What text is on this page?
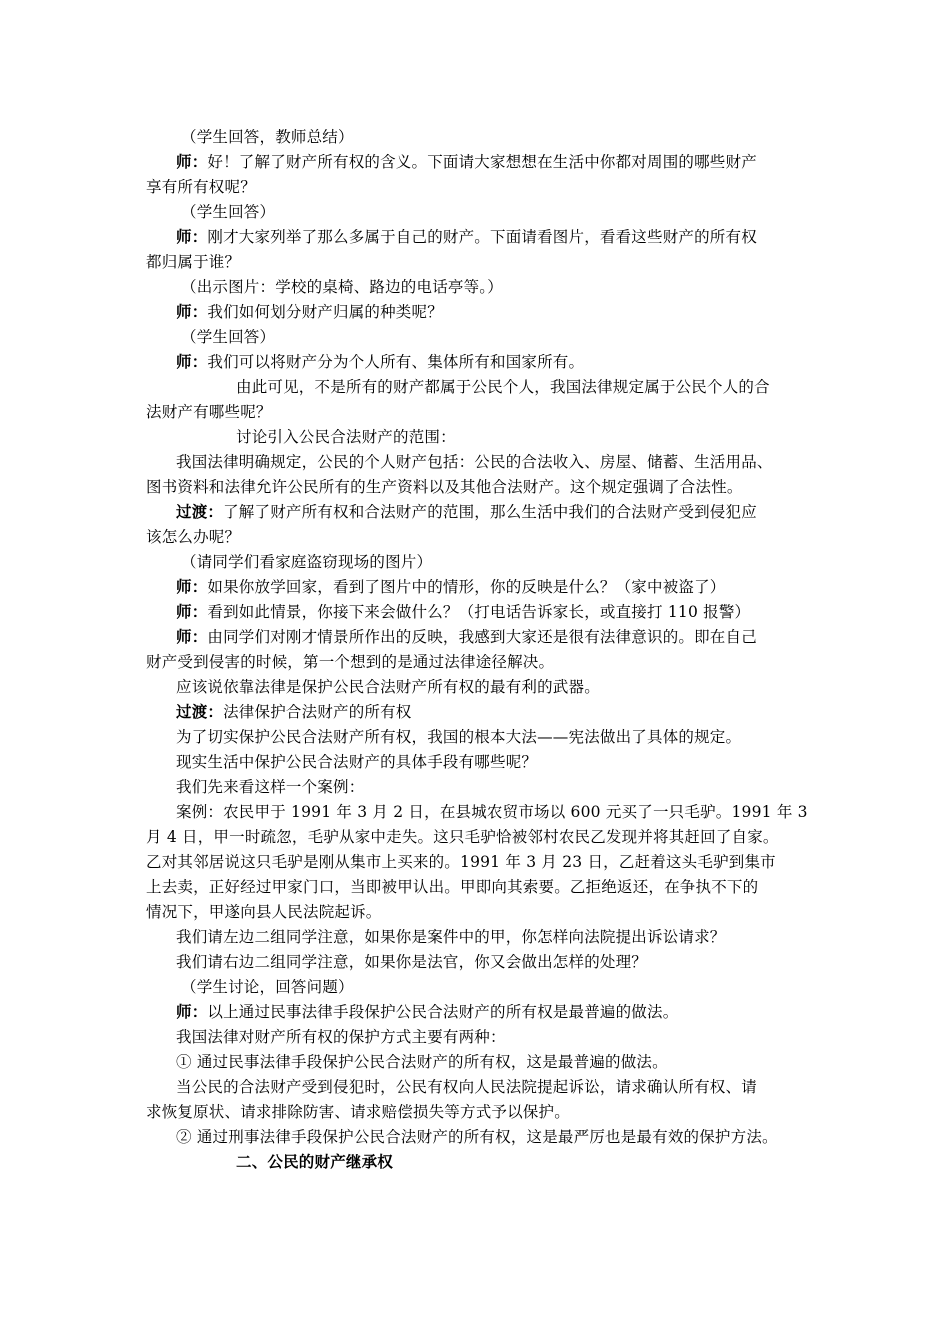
（学生回答，教师总结）
师：好！了解了财产所有权的含义。下面请大家想想在生活中你都对周围的哪些财产
享有所有权呢？
（学生回答）
师：刚才大家列举了那么多属于自己的财产。下面请看图片，看看这些财产的所有权
都归属于谁？
（出示图片：学校的桌椅、路边的电话亭等。）
师：我们如何划分财产归属的种类呢？
（学生回答）
师：我们可以将财产分为个人所有、集体所有和国家所有。
由此可见，不是所有的财产都属于公民个人，我国法律规定属于公民个人的合
法财产有哪些呢？
讨论引入公民合法财产的范围：
我国法律明确规定，公民的个人财产包括：公民的合法收入、房屋、储蓄、生活用品、
图书资料和法律允许公民所有的生产资料以及其他合法财产。这个规定强调了合法性。
过渡：了解了财产所有权和合法财产的范围，那么生活中我们的合法财产受到侵犯应
该怎么办呢？
（请同学们看家庭盗窃现场的图片）
师：如果你放学回家，看到了图片中的情形，你的反映是什么？（家中被盗了）
师：看到如此情景，你接下来会做什么？（打电话告诉家长，或直接打 110 报警）
师：由同学们对刚才情景所作出的反映，我感到大家还是很有法律意识的。即在自己
财产受到侵害的时候，第一个想到的是通过法律途径解决。
应该说依靠法律是保护公民合法财产所有权的最有利的武器。
过渡：法律保护合法财产的所有权
为了切实保护公民合法财产所有权，我国的根本大法——宪法做出了具体的规定。
现实生活中保护公民合法财产的具体手段有哪些呢？
我们先来看这样一个案例：
案例：农民甲于 1991 年 3 月 2 日，在县城农贸市场以 600 元买了一只毛驴。1991 年 3
月 4 日，甲一时疏忽，毛驴从家中走失。这只毛驴恰被邻村农民乙发现并将其赶回了自家。
乙对其邻居说这只毛驴是刚从集市上买来的。1991 年 3 月 23 日，乙赶着这头毛驴到集市
上去卖，正好经过甲家门口，当即被甲认出。甲即向其索要。乙拒绝返还，在争执不下的
情况下，甲遂向县人民法院起诉。
我们请左边二组同学注意，如果你是案件中的甲，你怎样向法院提出诉讼请求？
我们请右边二组同学注意，如果你是法官，你又会做出怎样的处理？
（学生讨论，回答问题）
师：以上通过民事法律手段保护公民合法财产的所有权是最普遍的做法。
我国法律对财产所有权的保护方式主要有两种：
① 通过民事法律手段保护公民合法财产的所有权，这是最普遍的做法。
当公民的合法财产受到侵犯时，公民有权向人民法院提起诉讼，请求确认所有权、请
求恢复原状、请求排除防害、请求赔偿损失等方式予以保护。
② 通过刑事法律手段保护公民合法财产的所有权，这是最严厉也是最有效的保护方法。
二、公民的财产继承权
